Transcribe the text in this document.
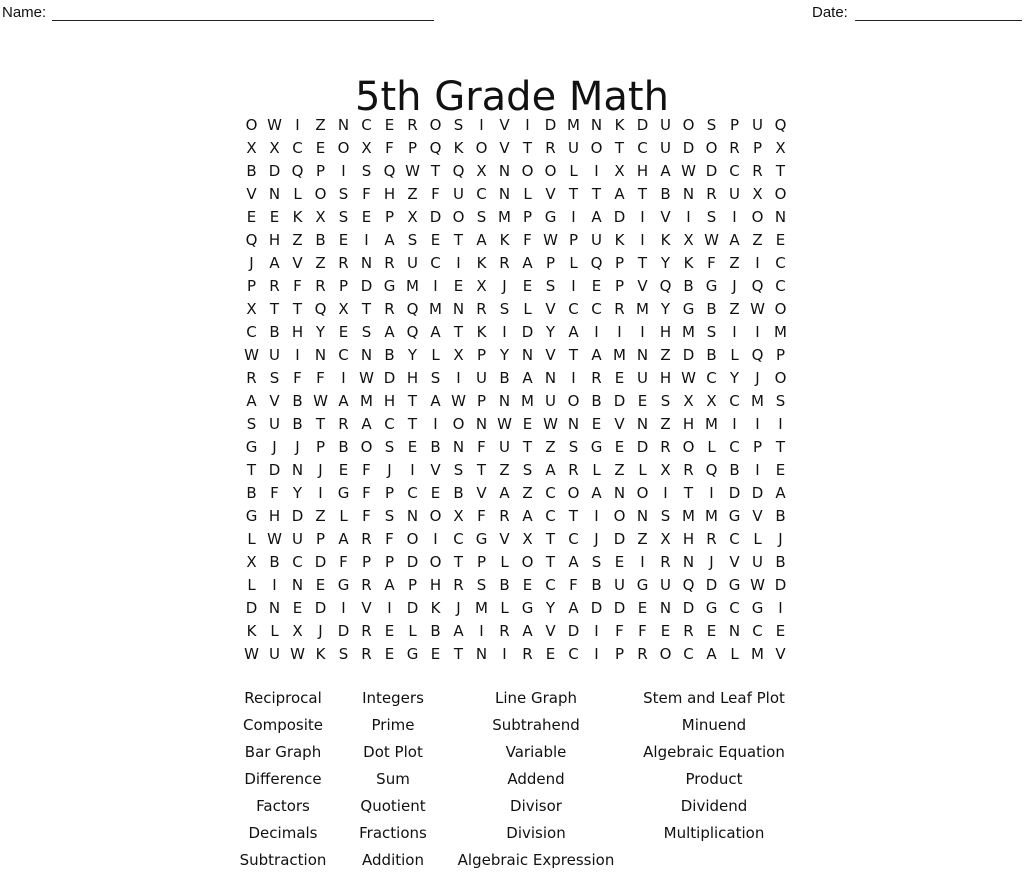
Name:	Date:
5th Grade Math
O W I	Z N C E R O S	I	V	I	D M N K D U O S P U Q
X X C E O X F P Q K O V T R U O T C U D O R P X
B D Q P	I	S Q W T Q X N O O L	I	X H A W D C R T
V N L O S F H Z F U C N L V T T A T B N R U X O
E E K X S E P X D O S M P G I	A D	I	V	I	S	I O N
Q H Z B E	I	A S E T A K F W P U K	I	K X W A Z E
J	A V Z R N R U C	I	K R A P L Q P T Y K F Z	I	C
P R F R P D G M I	E X	J	E S	I	E P V Q B G J Q C
X T T Q X T R Q M N R S L V C C R M Y G B Z W O
C B H Y E S A Q A T K	I	D Y A	I	I	I	H M S	I	I M
W U	I	N C N B Y L X P Y N V T A M N Z D B L Q P
R S F F	I W D H S	I	U B A N	I	R E U H W C Y	J O
A V B W A M H T A W P N M U O B D E S X X C M S
S U B T R A C T	I O N W E W N E V N Z H M I	I	I
G J	J	P B O S E B N F U T Z S G E D R O L C P T
T D N	J	E F	J	I	V S T Z S A R L Z L X R Q B	I	E
B F Y	I G F P C E B V A Z C O A N O I	T	I	D D A
G H D Z L F S N O X F R A C T	I O N S M M G V B
L W U P A R F O I	C G V X T C	J	D Z X H R C L	J
X B C D F P P D O T P L O T A S E	I	R N	J	V U B
L	I	N E G R A P H R S B E C F B U G U Q D G W D
D N E D	I	V	I	D K	J M L G Y A D D E N D G C G I
K L X	J	D R E L B A	I	R A V D	I	F F E R E N C E
W U W K S R E G E T N	I	R E C	I	P R O C A L M V
Reciprocal
Composite
Bar Graph
Difference
Factors
Decimals
Subtraction
Integers
Prime
Dot Plot
Sum
Quotient
Fractions
Addition
Line Graph
Subtrahend
Variable
Addend
Divisor
Division
Algebraic Expression
Stem and Leaf Plot
Minuend
Algebraic Equation
Product
Dividend
Multiplication
